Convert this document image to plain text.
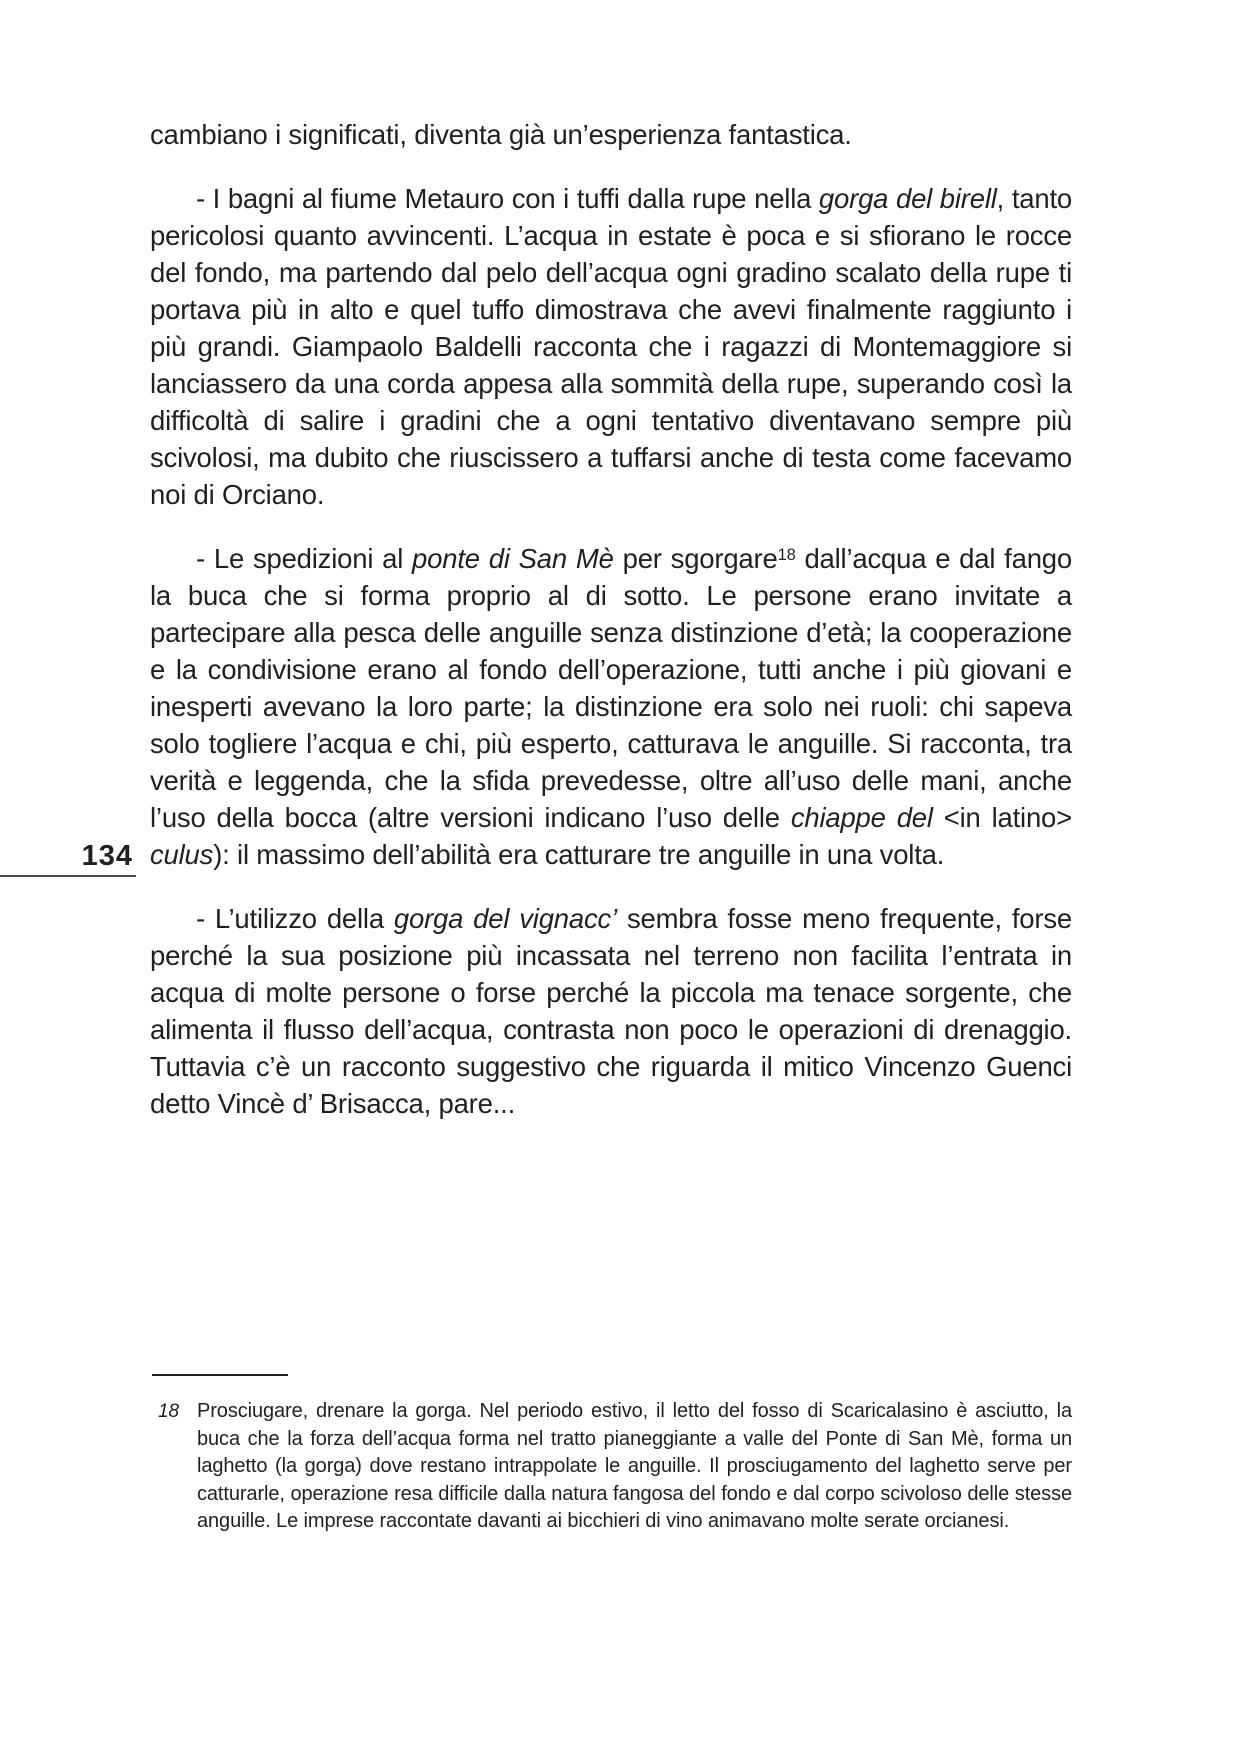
cambiano i significati, diventa già un’esperienza fantastica.

- I bagni al fiume Metauro con i tuffi dalla rupe nella gorga del birell, tanto pericolosi quanto avvincenti. L’acqua in estate è poca e si sfiorano le rocce del fondo, ma partendo dal pelo dell’acqua ogni gradino scalato della rupe ti portava più in alto e quel tuffo dimostrava che avevi finalmente raggiunto i più grandi. Giampaolo Baldelli racconta che i ragazzi di Montemaggiore si lanciassero da una corda appesa alla sommità della rupe, superando così la difficoltà di salire i gradini che a ogni tentativo diventavano sempre più scivolosi, ma dubito che riuscissero a tuffarsi anche di testa come facevamo noi di Orciano.

- Le spedizioni al ponte di San Mè per sgorgare$^{18}$ dall’acqua e dal fango la buca che si forma proprio al di sotto. Le persone erano invitate a partecipare alla pesca delle anguille senza distinzione d’età; la cooperazione e la condivisione erano al fondo dell’operazione, tutti anche i più giovani e inesperti avevano la loro parte; la distinzione era solo nei ruoli: chi sapeva solo togliere l’acqua e chi, più esperto, catturava le anguille. Si racconta, tra verità e leggenda, che la sfida prevedesse, oltre all’uso delle mani, anche l’uso della bocca (altre versioni indicano l’uso delle chiappe del <in latino> culus): il massimo dell’abilità era catturare tre anguille in una volta.

- L’utilizzo della gorga del vignacc’ sembra fosse meno frequente, forse perché la sua posizione più incassata nel terreno non facilita l’entrata in acqua di molte persone o forse perché la piccola ma tenace sorgente, che alimenta il flusso dell’acqua, contrasta non poco le operazioni di drenaggio. Tuttavia c’è un racconto suggestivo che riguarda il mitico Vincenzo Guenci detto Vincè d’ Brisacca, pare...

134
18 Prosciugare, drenare la gorga. Nel periodo estivo, il letto del fosso di Scaricalasino è asciutto, la buca che la forza dell’acqua forma nel tratto pianeggiante a valle del Ponte di San Mè, forma un laghetto (la gorga) dove restano intrappolate le anguille. Il prosciugamento del laghetto serve per catturarle, operazione resa difficile dalla natura fangosa del fondo e dal corpo scivoloso delle stesse anguille. Le imprese raccontate davanti ai bicchieri di vino animavano molte serate orcianesi.
